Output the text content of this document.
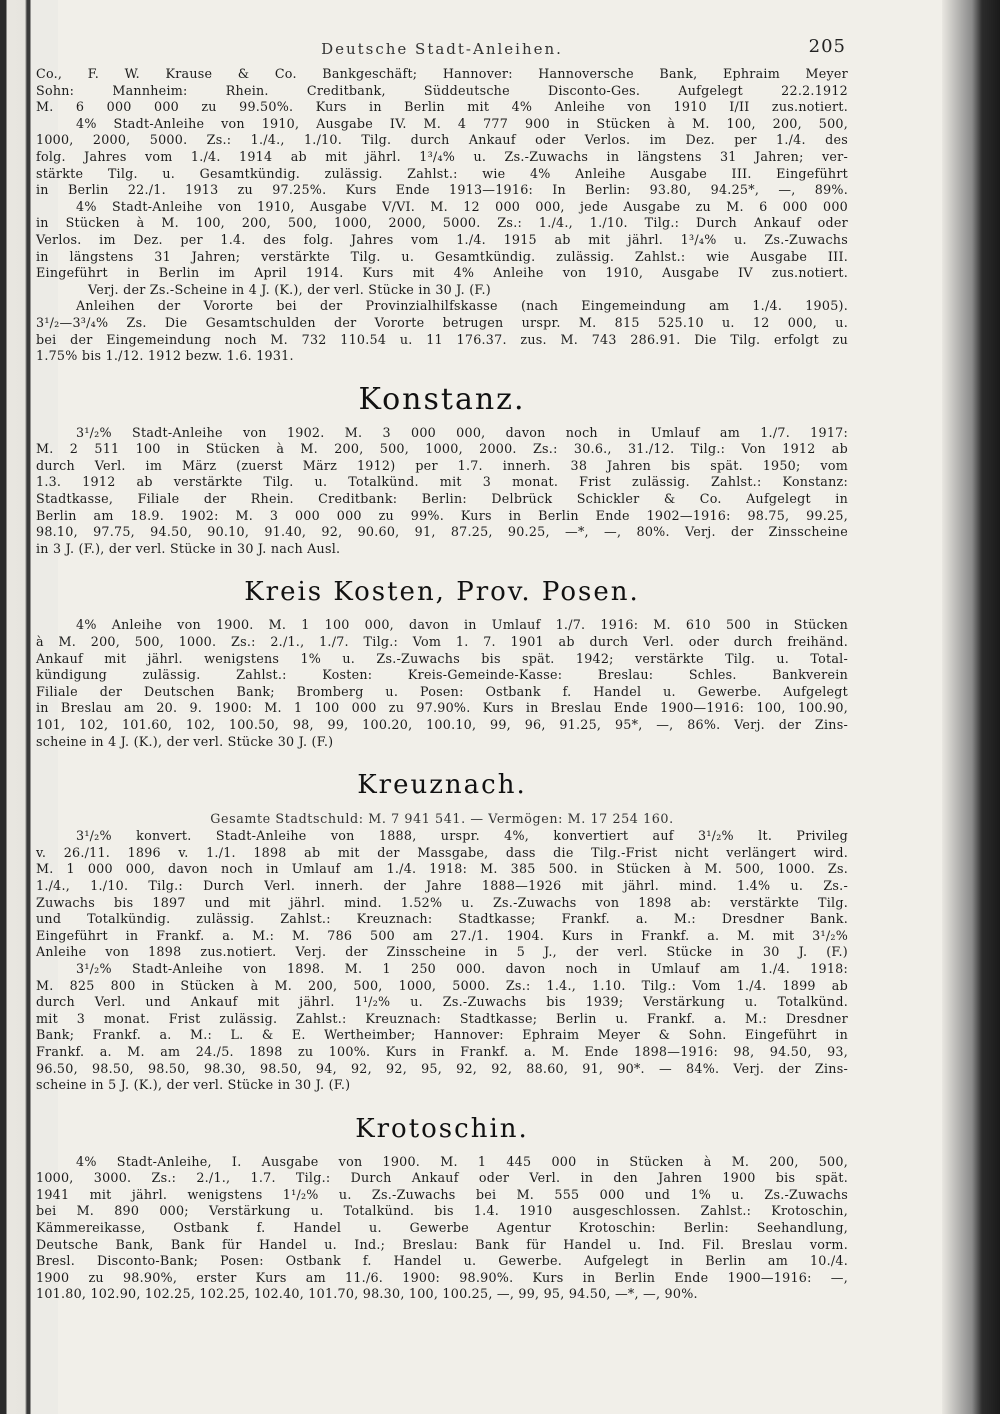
Deutsche Stadt-Anleihen.	205
Co., F. W. Krause & Co. Bankgeschäft; Hannover: Hannoversche Bank, Ephraim Meyer
Sohn: Mannheim: Rhein. Creditbank, Süddeutsche Disconto-Ges. Aufgelegt 22.2.1912
M. 6 000 000 zu 99.50%. Kurs in Berlin mit 4% Anleihe von 1910 I/II zus.notiert.
4% Stadt-Anleihe von 1910, Ausgabe IV. M. 4 777 900 in Stücken à M. 100, 200, 500,
1000, 2000, 5000. Zs.: 1./4., 1./10. Tilg. durch Ankauf oder Verlos. im Dez. per 1./4. des
folg. Jahres vom 1./4. 1914 ab mit jährl. 1³/₄% u. Zs.-Zuwachs in längstens 31 Jahren; ver-
stärkte Tilg. u. Gesamtkündig. zulässig. Zahlst.: wie 4% Anleihe Ausgabe III. Eingeführt
in Berlin 22./1. 1913 zu 97.25%. Kurs Ende 1913—1916: In Berlin: 93.80, 94.25*, —, 89%.
4% Stadt-Anleihe von 1910, Ausgabe V/VI. M. 12 000 000, jede Ausgabe zu M. 6 000 000
in Stücken à M. 100, 200, 500, 1000, 2000, 5000. Zs.: 1./4., 1./10. Tilg.: Durch Ankauf oder
Verlos. im Dez. per 1.4. des folg. Jahres vom 1./4. 1915 ab mit jährl. 1³/₄% u. Zs.-Zuwachs
in längstens 31 Jahren; verstärkte Tilg. u. Gesamtkündig. zulässig. Zahlst.: wie Ausgabe III.
Eingeführt in Berlin im April 1914. Kurs mit 4% Anleihe von 1910, Ausgabe IV zus.notiert.
Verj. der Zs.-Scheine in 4 J. (K.), der verl. Stücke in 30 J. (F.)
Anleihen der Vororte bei der Provinzialhilfskasse (nach Eingemeindung am 1./4. 1905).
3¹/₂—3³/₄% Zs. Die Gesamtschulden der Vororte betrugen urspr. M. 815 525.10 u. 12 000, u.
bei der Eingemeindung noch M. 732 110.54 u. 11 176.37. zus. M. 743 286.91. Die Tilg. erfolgt zu
1.75% bis 1./12. 1912 bezw. 1.6. 1931.
Konstanz.
3¹/₂% Stadt-Anleihe von 1902. M. 3 000 000, davon noch in Umlauf am 1./7. 1917:
M. 2 511 100 in Stücken à M. 200, 500, 1000, 2000. Zs.: 30.6., 31./12. Tilg.: Von 1912 ab
durch Verl. im März (zuerst März 1912) per 1.7. innerh. 38 Jahren bis spät. 1950; vom
1.3. 1912 ab verstärkte Tilg. u. Totalkünd. mit 3 monat. Frist zulässig. Zahlst.: Konstanz:
Stadtkasse, Filiale der Rhein. Creditbank: Berlin: Delbrück Schickler & Co. Aufgelegt in
Berlin am 18.9. 1902: M. 3 000 000 zu 99%. Kurs in Berlin Ende 1902—1916: 98.75, 99.25,
98.10, 97.75, 94.50, 90.10, 91.40, 92, 90.60, 91, 87.25, 90.25, —*, —, 80%. Verj. der Zinsscheine
in 3 J. (F.), der verl. Stücke in 30 J. nach Ausl.
Kreis Kosten, Prov. Posen.
4% Anleihe von 1900. M. 1 100 000, davon in Umlauf 1./7. 1916: M. 610 500 in Stücken
à M. 200, 500, 1000. Zs.: 2./1., 1./7. Tilg.: Vom 1. 7. 1901 ab durch Verl. oder durch freihänd.
Ankauf mit jährl. wenigstens 1% u. Zs.-Zuwachs bis spät. 1942; verstärkte Tilg. u. Total-
kündigung zulässig. Zahlst.: Kosten: Kreis-Gemeinde-Kasse: Breslau: Schles. Bankverein
Filiale der Deutschen Bank; Bromberg u. Posen: Ostbank f. Handel u. Gewerbe. Aufgelegt
in Breslau am 20. 9. 1900: M. 1 100 000 zu 97.90%. Kurs in Breslau Ende 1900—1916: 100, 100.90,
101, 102, 101.60, 102, 100.50, 98, 99, 100.20, 100.10, 99, 96, 91.25, 95*, —, 86%. Verj. der Zins-
scheine in 4 J. (K.), der verl. Stücke 30 J. (F.)
Kreuznach.
Gesamte Stadtschuld: M. 7 941 541. — Vermögen: M. 17 254 160.
3¹/₂% konvert. Stadt-Anleihe von 1888, urspr. 4%, konvertiert auf 3¹/₂% lt. Privileg
v. 26./11. 1896 v. 1./1. 1898 ab mit der Massgabe, dass die Tilg.-Frist nicht verlängert wird.
M. 1 000 000, davon noch in Umlauf am 1./4. 1918: M. 385 500. in Stücken à M. 500, 1000. Zs.
1./4., 1./10. Tilg.: Durch Verl. innerh. der Jahre 1888—1926 mit jährl. mind. 1.4% u. Zs.-
Zuwachs bis 1897 und mit jährl. mind. 1.52% u. Zs.-Zuwachs von 1898 ab: verstärkte Tilg.
und Totalkündig. zulässig. Zahlst.: Kreuznach: Stadtkasse; Frankf. a. M.: Dresdner Bank.
Eingeführt in Frankf. a. M.: M. 786 500 am 27./1. 1904. Kurs in Frankf. a. M. mit 3¹/₂%
Anleihe von 1898 zus.notiert. Verj. der Zinsscheine in 5 J., der verl. Stücke in 30 J. (F.)
3¹/₂% Stadt-Anleihe von 1898. M. 1 250 000. davon noch in Umlauf am 1./4. 1918:
M. 825 800 in Stücken à M. 200, 500, 1000, 5000. Zs.: 1.4., 1.10. Tilg.: Vom 1./4. 1899 ab
durch Verl. und Ankauf mit jährl. 1¹/₂% u. Zs.-Zuwachs bis 1939; Verstärkung u. Totalkünd.
mit 3 monat. Frist zulässig. Zahlst.: Kreuznach: Stadtkasse; Berlin u. Frankf. a. M.: Dresdner
Bank; Frankf. a. M.: L. & E. Wertheimber; Hannover: Ephraim Meyer & Sohn. Eingeführt in
Frankf. a. M. am 24./5. 1898 zu 100%. Kurs in Frankf. a. M. Ende 1898—1916: 98, 94.50, 93,
96.50, 98.50, 98.50, 98.30, 98.50, 94, 92, 92, 95, 92, 92, 88.60, 91, 90*. — 84%. Verj. der Zins-
scheine in 5 J. (K.), der verl. Stücke in 30 J. (F.)
Krotoschin.
4% Stadt-Anleihe, I. Ausgabe von 1900. M. 1 445 000 in Stücken à M. 200, 500,
1000, 3000. Zs.: 2./1., 1.7. Tilg.: Durch Ankauf oder Verl. in den Jahren 1900 bis spät.
1941 mit jährl. wenigstens 1¹/₂% u. Zs.-Zuwachs bei M. 555 000 und 1% u. Zs.-Zuwachs
bei M. 890 000; Verstärkung u. Totalkünd. bis 1.4. 1910 ausgeschlossen. Zahlst.: Krotoschin,
Kämmereikasse, Ostbank f. Handel u. Gewerbe Agentur Krotoschin: Berlin: Seehandlung,
Deutsche Bank, Bank für Handel u. Ind.; Breslau: Bank für Handel u. Ind. Fil. Breslau vorm.
Bresl. Disconto-Bank; Posen: Ostbank f. Handel u. Gewerbe. Aufgelegt in Berlin am 10./4.
1900 zu 98.90%, erster Kurs am 11./6. 1900: 98.90%. Kurs in Berlin Ende 1900—1916: —,
101.80, 102.90, 102.25, 102.25, 102.40, 101.70, 98.30, 100, 100.25, —, 99, 95, 94.50, —*, —, 90%.
